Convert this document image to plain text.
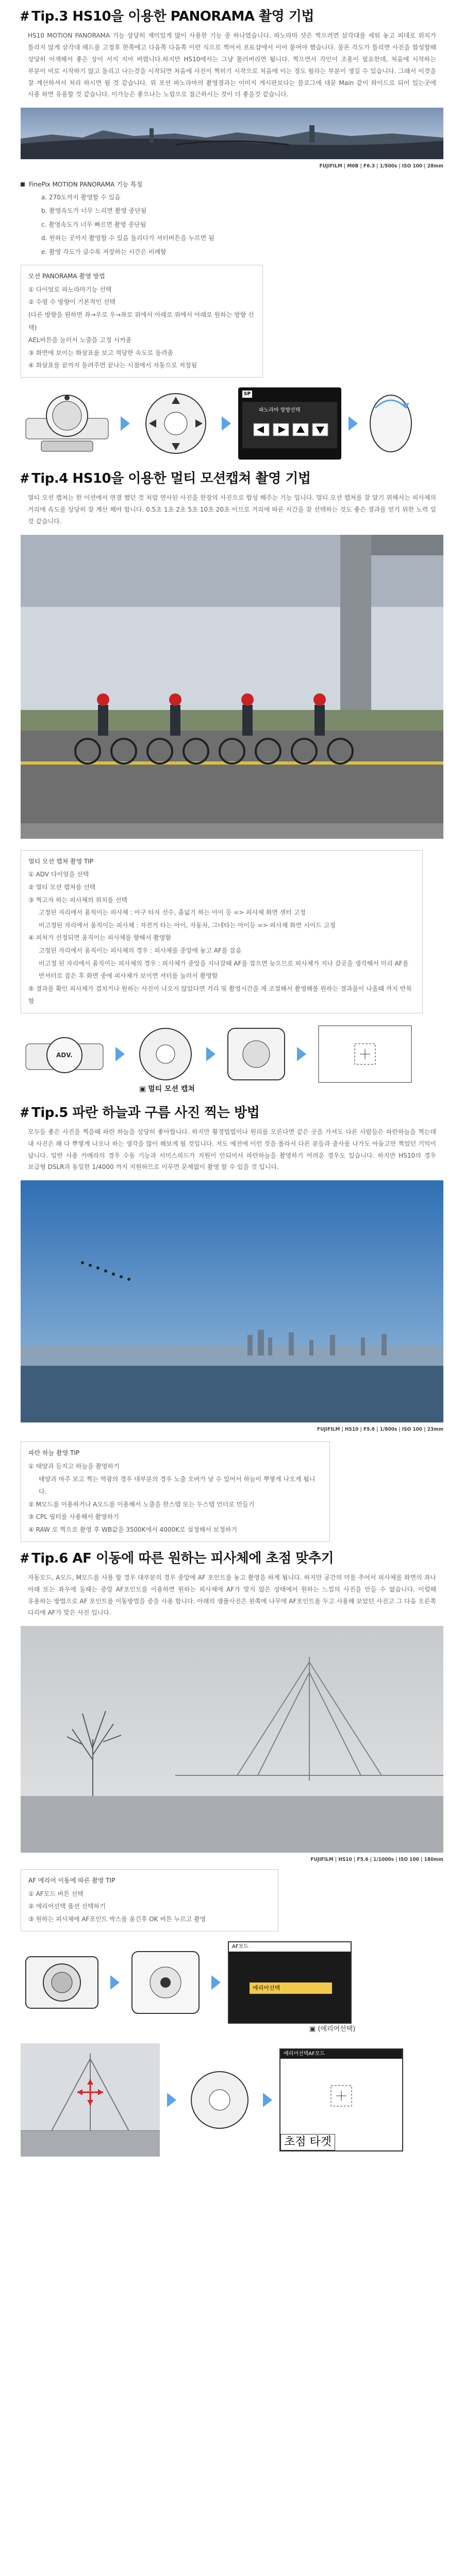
# Tip.3 HS10을 이용한 PANORAMA 촬영 기법
HS10 MOTION PANORAMA 기능 상당히 재미있게 많이 사용한 기능 중 하나였습니다. 파노라마 샷은 찍으려면 삼각대를 세워 놓고 피대로 위치가 틀리지 않게 삼각대 헤드를 고정후 한쪽에고 다음쪽 다음쪽 이런 식으로 찍어서 포토샵에서 이어 붙여야 했습니다. 물론 각도가 틀리면 사진을 합성할때 상당히 어색해서 좋은 상이 서지 지아 버렸니다.하지만 HS10에서는 그냥 툴러버리면 됩니다. 찍으면서 각인이 조용이 필요한데, 처음에 시작하는 부분이 비로 시작하기 않고 돌리고 나는것을 시작되면 처음에 사진이 찍히기 시작으로 처음에 이는 정도 될라는 부분이 생길 수 있습니다. 그래서 이것을 잘 계산하셔서 처리 하시면 될 것 같습니다. 위 포션 파노라마의 촬영결과는 이미지 게시판보다는 블로그에 대문 Main 같이 와이드로 되어 있는곳에 사용 하면 유용할 것 같습니다. 이가능은 좋으나는 노립으로 접근하시는 것이 더 좋을것 같습니다.
FUJIFILM | M0B | F6.3 | 1/500s | ISO 100 | 28mm
FinePix MOTION PANORAMA 기능 특징
a. 270도까지 촬영할 수 있음
b. 촬영속도가 너무 느리면 촬영 중단됨
c. 촬영속도가 너무 빠르면 촬영 중단됨
d. 원하는 곳까지 촬영할 수 있음 돌리다가 셔터버튼을 누르면 됨
e. 촬영 각도가 클수록 저장하는 시간은 비례함
모션 PANORAMA 촬영 방법
① 다이얼로 파노라마기능 선택
② 수평 수 방향이 기본적인 선택
(다른 방향을 원하면 좌→우로 우→좌로 위에서 아래로 위에서 아래로 원하는 방향 선택)
AEL버튼을 눌러서 노출을 고정 시켜줌
③ 화면에 보이는 화살표를 보고 적당한 속도로 돌려줌
④ 화살표를 끝까지 돌려주면 끝나는 시점에서 자동으로 저장됨
SP
파노라마 방향선택
# Tip.4 HS10을 이용한 멀티 모션캡쳐 촬영 기법
멀티 모션 캡쳐는 한 이션에서 연결 했던 것 처럼 연사된 사진을 한장의 사진으로 합성 해주는 기능 입니다. 멀티 모션 캡쳐를 잘 알기 위해서는 피사체의 거리에 속도를 상당히 잘 계산 해야 합니다. 0.5초 1초 2초 5초 10초 20초 이므로 거리에 따른 시간을 잘 선택하는 것도 좋은 결과를 얻기 위한 노력 일 것 같습니다.
멀티 모션 캡쳐 촬영 TIP
① ADV 다이얼을 선택
② 멀티 모션 캡쳐를 선택
③ 찍고자 하는 피사체의 위치를 선택
고정된 자리에서 움직이는 피사체 : 아구 타자 선수, 좁넓기 하는 아이 등 => 피사체 화면 센터 고정
비고정된 자리에서 움직이는 피사체 : 자전거 타는 아이, 자동차, 그네타는 아이등 => 피사체 화면 시이드 고정
④ 피처가 선정되면 움직이는 피사체를 향해서 촬영함
고정된 자리에서 움직이는 피사체의 경우 : 피사체를 중앙에 놓고 AF를 잡음
비고정 된 자리에서 움직이는 피사체의 경우 : 피사체가 중앙을 지나갈때 AF를 잡으면 늦으므로 피사체가 지나 갈곳을 생각해서 미리 AF를 반셔터로 잡은 후 화면 중에 피사체가 보이면 셔터를 눌러서 촬영함
⑤ 결과를 확인 피사체가 겹치거나 원하는 사진이 나오지 않았다면 거리 및 촬영시간을 재 조절해서 촬영해볼 원하는 결과물이 나올때 까지 반복함
ADV.
▣ 멀티 모션 캡쳐
# Tip.5 파란 하늘과 구름 사진 찍는 방법
모두들 좋은 사진을 찍을때 파란 하늘을 상당히 좋아합니다. 하지만 황경법법이나 원리를 모른다면 같은 곳을 가셔도 다른 사람들은 파란하늘을 찍는데 내 사진은 왜 다 뿌옇게 나오나 하는 생각을 많이 해보게 될 것입니다. 저도 예전에 이런 것을 몰라서 다른 분들과 출사를 나가도 아둠고만 찍었던 기억이 납니다. 일반 사용 카메라의 경우 수동 기능과 서미스피드가 지원이 안되어서 파란하늘을 촬영하기 어려운 경우도 있습니다. 하지만 HS10의 경우 보급형 DSLR과 동일한 1/4000 까지 지원하므로 이루먼 문제없이 촬영 할 수 있을 것 입니다.
FUJIFILM | HS10 | F5.6 | 1/800s | ISO 100 | 23mm
파란 하늘 촬영 TIP
① 태양과 등지고 하늘을 촬영하기
태양과 마주 보고 찍는 역광의 경우 대부분의 경우 노출 오버가 날 수 있어서 하늘이 뿌옇게 나오게 됩니다.
② M모드를 이용하거나 A모드를 이용해서 노출을 한스텝 또는 두스텝 언더로 만들기
③ CPL 필터를 사용해서 촬영하기
④ RAW 로 찍으로 촬영 후 WB값을 3500K에서 4000K로 설정해서 보정하기
# Tip.6 AF 이동에 따른 원하는 피사체에 초점 맞추기
자동모드, A모드, M모드를 사용 할 경우 대부분의 경우 중앙에 AF 포인트를 놓고 촬영을 하게 됩니다. 하지만 공간의 미를 추어서 피사체를 화면의 좌나 아래 또는 좌우에 둘때는 중앙 AF포인트를 이용하면 원하는 피사체에 AF가 맞지 않은 상태에서 원하는 느낌의 사진을 만들 수 없습니다. 이럴때 유용하는 방법으로 AF 포인트를 이동방법을 중을 사용 합니다. 아래의 샘플사진은 왼쪽에 나무에 AF포인트를 두고 사용해 보았던 사진고 그 다음 오른쪽 다리에 AF가 맞은 사진 입니다.
FUJIFILM | HS10 | F5.6 | 1/1000s | ISO 100 | 180mm
AF 에리어 이동에 따른 촬영 TIP
① AF모드 버튼 선택
② 에리어선택 옵션 선택하기
③ 원하는 피사체에 AF포인트 박스를 움긴후 OK 버튼 누르고 촬영
AF모드
에리어선택
▣ (에리어선택)
에리어선택AF모드
초점 타겟
